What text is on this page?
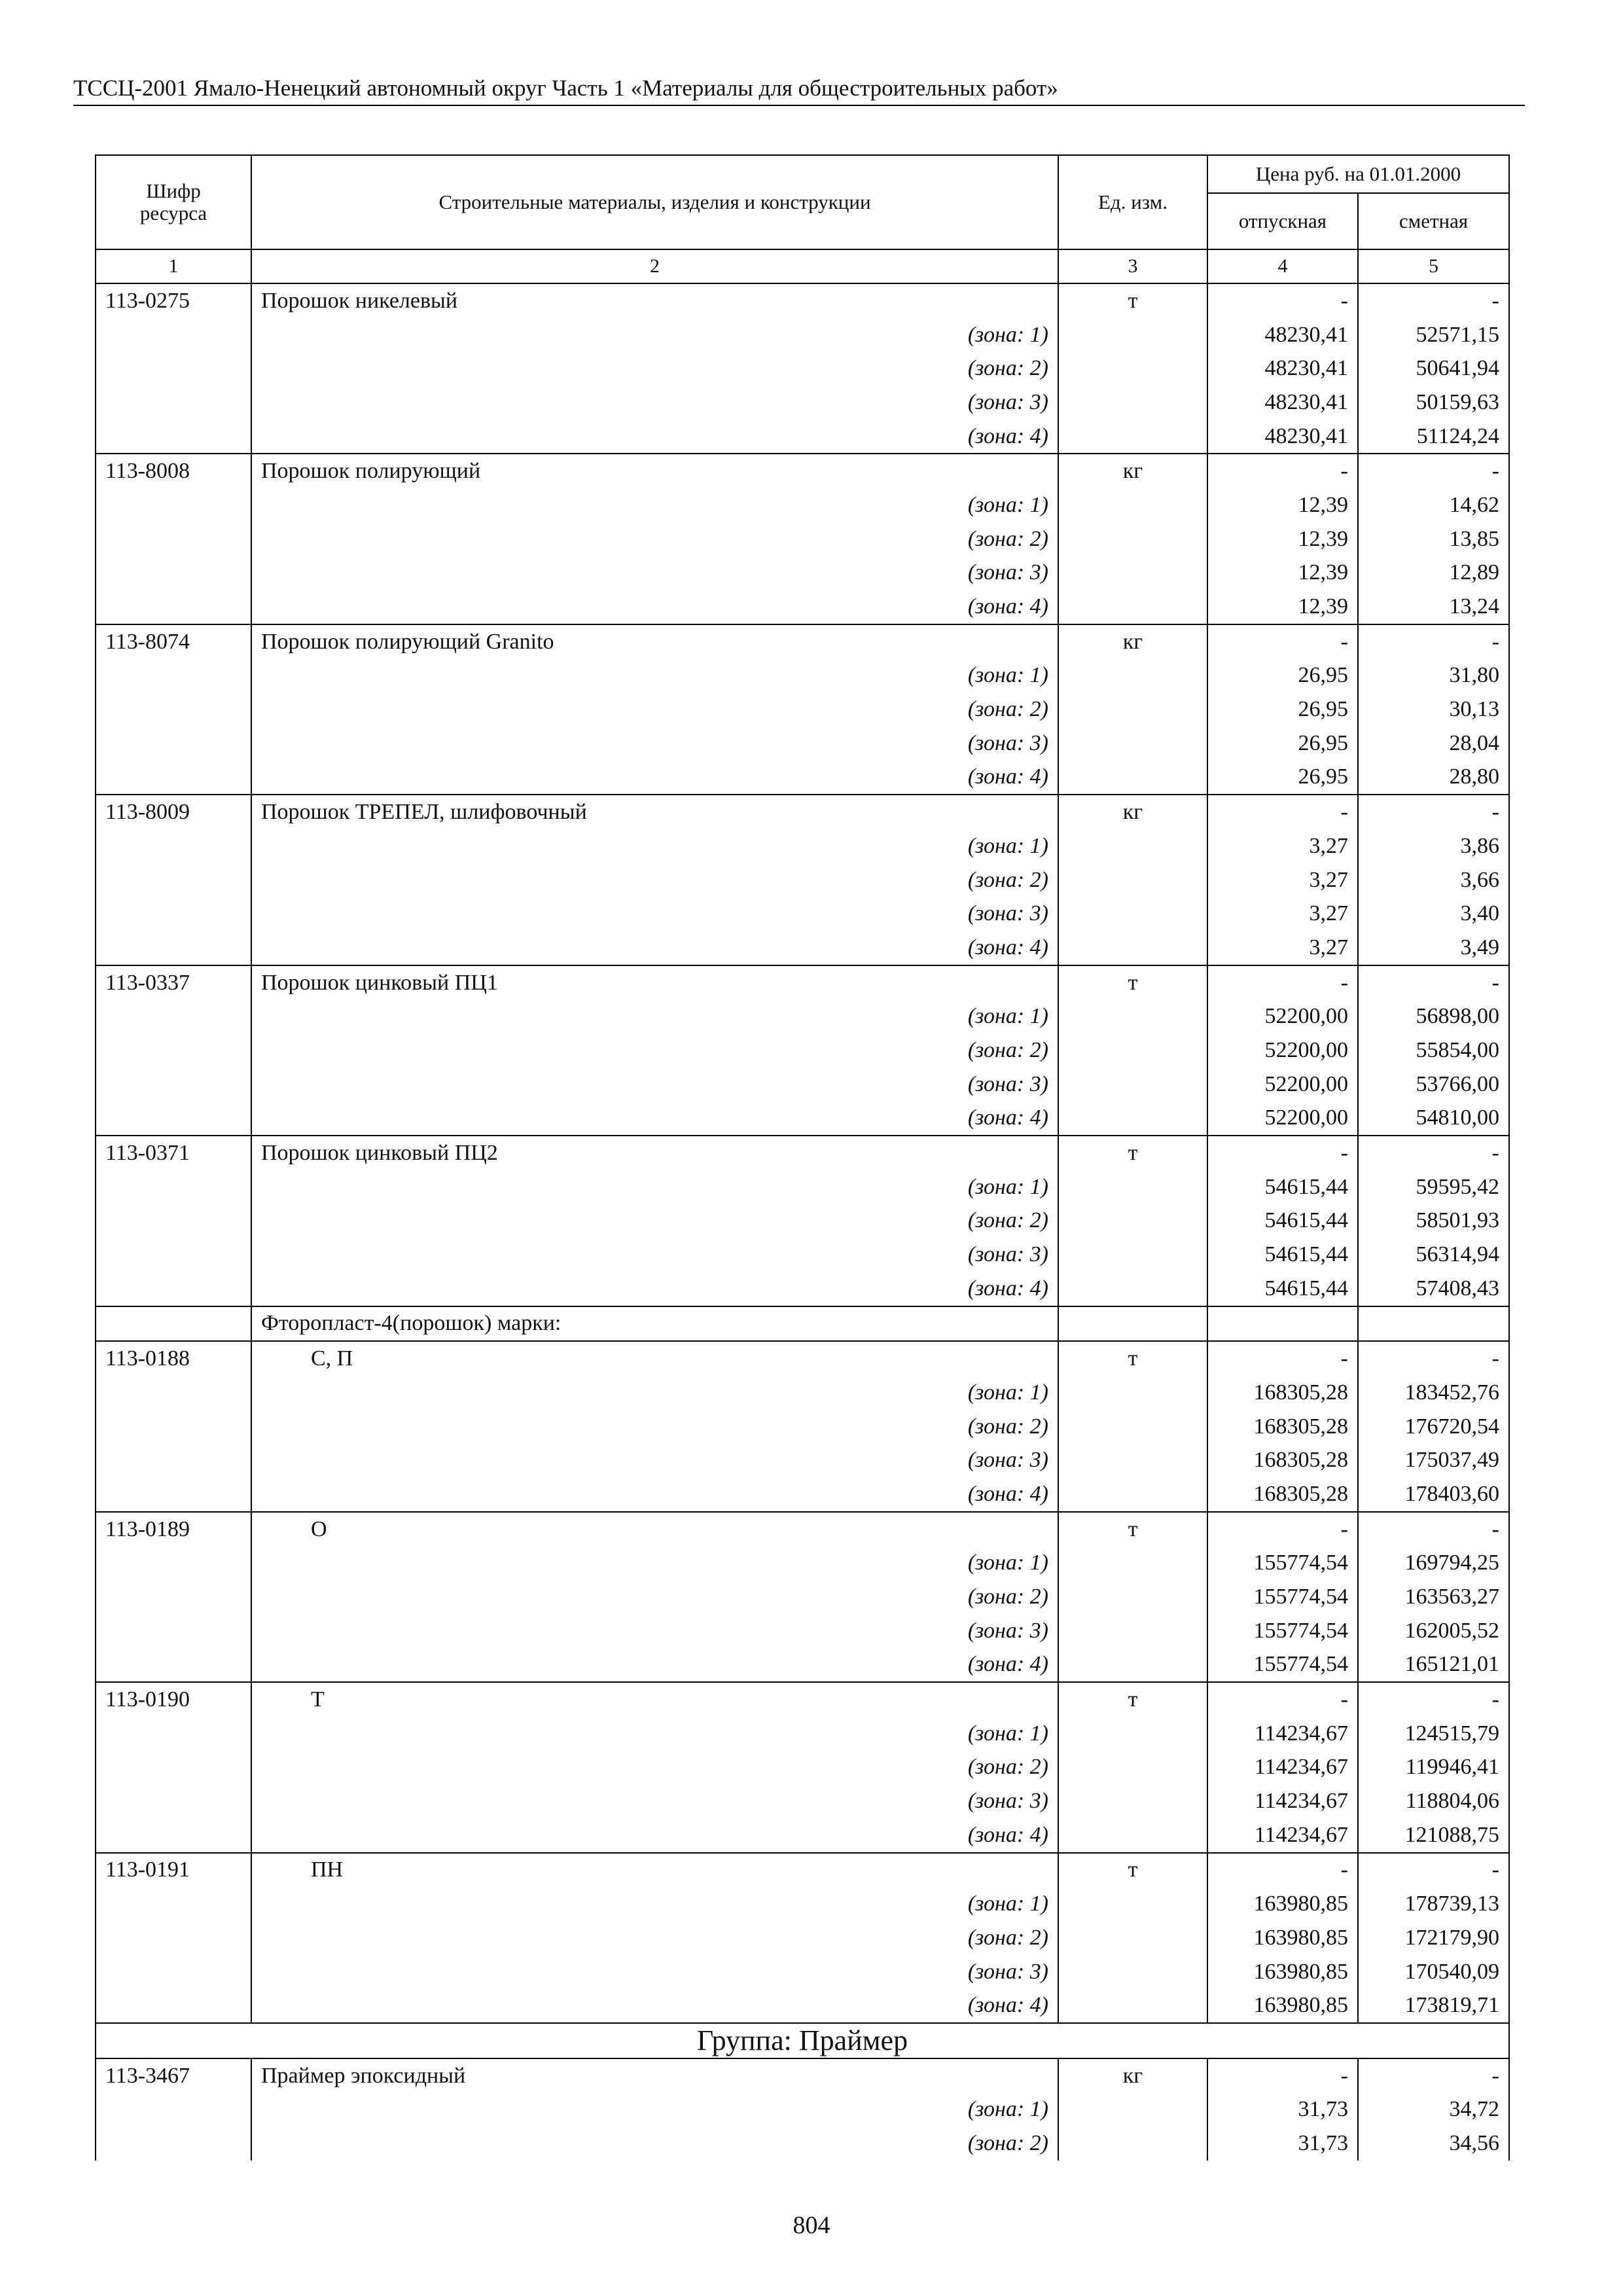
ТССЦ-2001 Ямало-Ненецкий автономный округ Часть 1 «Материалы для общестроительных работ»
Шифр ресурса	Строительные материалы, изделия и конструкции	Ед. изм.	Цена руб. на 01.01.2000	
			отпускная	сметная
1	2	3	4	5
113-0275	Порошок никелевый	т	-	-
	(зона: 1)		48230,41	52571,15
	(зона: 2)		48230,41	50641,94
	(зона: 3)		48230,41	50159,63
	(зона: 4)		48230,41	51124,24
113-8008	Порошок полирующий	кг	-	-
	(зона: 1)		12,39	14,62
	(зона: 2)		12,39	13,85
	(зона: 3)		12,39	12,89
	(зона: 4)		12,39	13,24
113-8074	Порошок полирующий Granito	кг	-	-
	(зона: 1)		26,95	31,80
	(зона: 2)		26,95	30,13
	(зона: 3)		26,95	28,04
	(зона: 4)		26,95	28,80
113-8009	Порошок ТРЕПЕЛ, шлифовочный	кг	-	-
	(зона: 1)		3,27	3,86
	(зона: 2)		3,27	3,66
	(зона: 3)		3,27	3,40
	(зона: 4)		3,27	3,49
113-0337	Порошок цинковый ПЦ1	т	-	-
	(зона: 1)		52200,00	56898,00
	(зона: 2)		52200,00	55854,00
	(зона: 3)		52200,00	53766,00
	(зона: 4)		52200,00	54810,00
113-0371	Порошок цинковый ПЦ2	т	-	-
	(зона: 1)		54615,44	59595,42
	(зона: 2)		54615,44	58501,93
	(зона: 3)		54615,44	56314,94
	(зона: 4)		54615,44	57408,43
	Фторопласт-4(порошок) марки:			
113-0188	С, П	т	-	-
	(зона: 1)		168305,28	183452,76
	(зона: 2)		168305,28	176720,54
	(зона: 3)		168305,28	175037,49
	(зона: 4)		168305,28	178403,60
113-0189	О	т	-	-
	(зона: 1)		155774,54	169794,25
	(зона: 2)		155774,54	163563,27
	(зона: 3)		155774,54	162005,52
	(зона: 4)		155774,54	165121,01
113-0190	Т	т	-	-
	(зона: 1)		114234,67	124515,79
	(зона: 2)		114234,67	119946,41
	(зона: 3)		114234,67	118804,06
	(зона: 4)		114234,67	121088,75
113-0191	ПН	т	-	-
	(зона: 1)		163980,85	178739,13
	(зона: 2)		163980,85	172179,90
	(зона: 3)		163980,85	170540,09
	(зона: 4)		163980,85	173819,71
Группа: Праймер				
113-3467	Праймер эпоксидный	кг	-	-
	(зона: 1)		31,73	34,72
	(зона: 2)		31,73	34,56
804
